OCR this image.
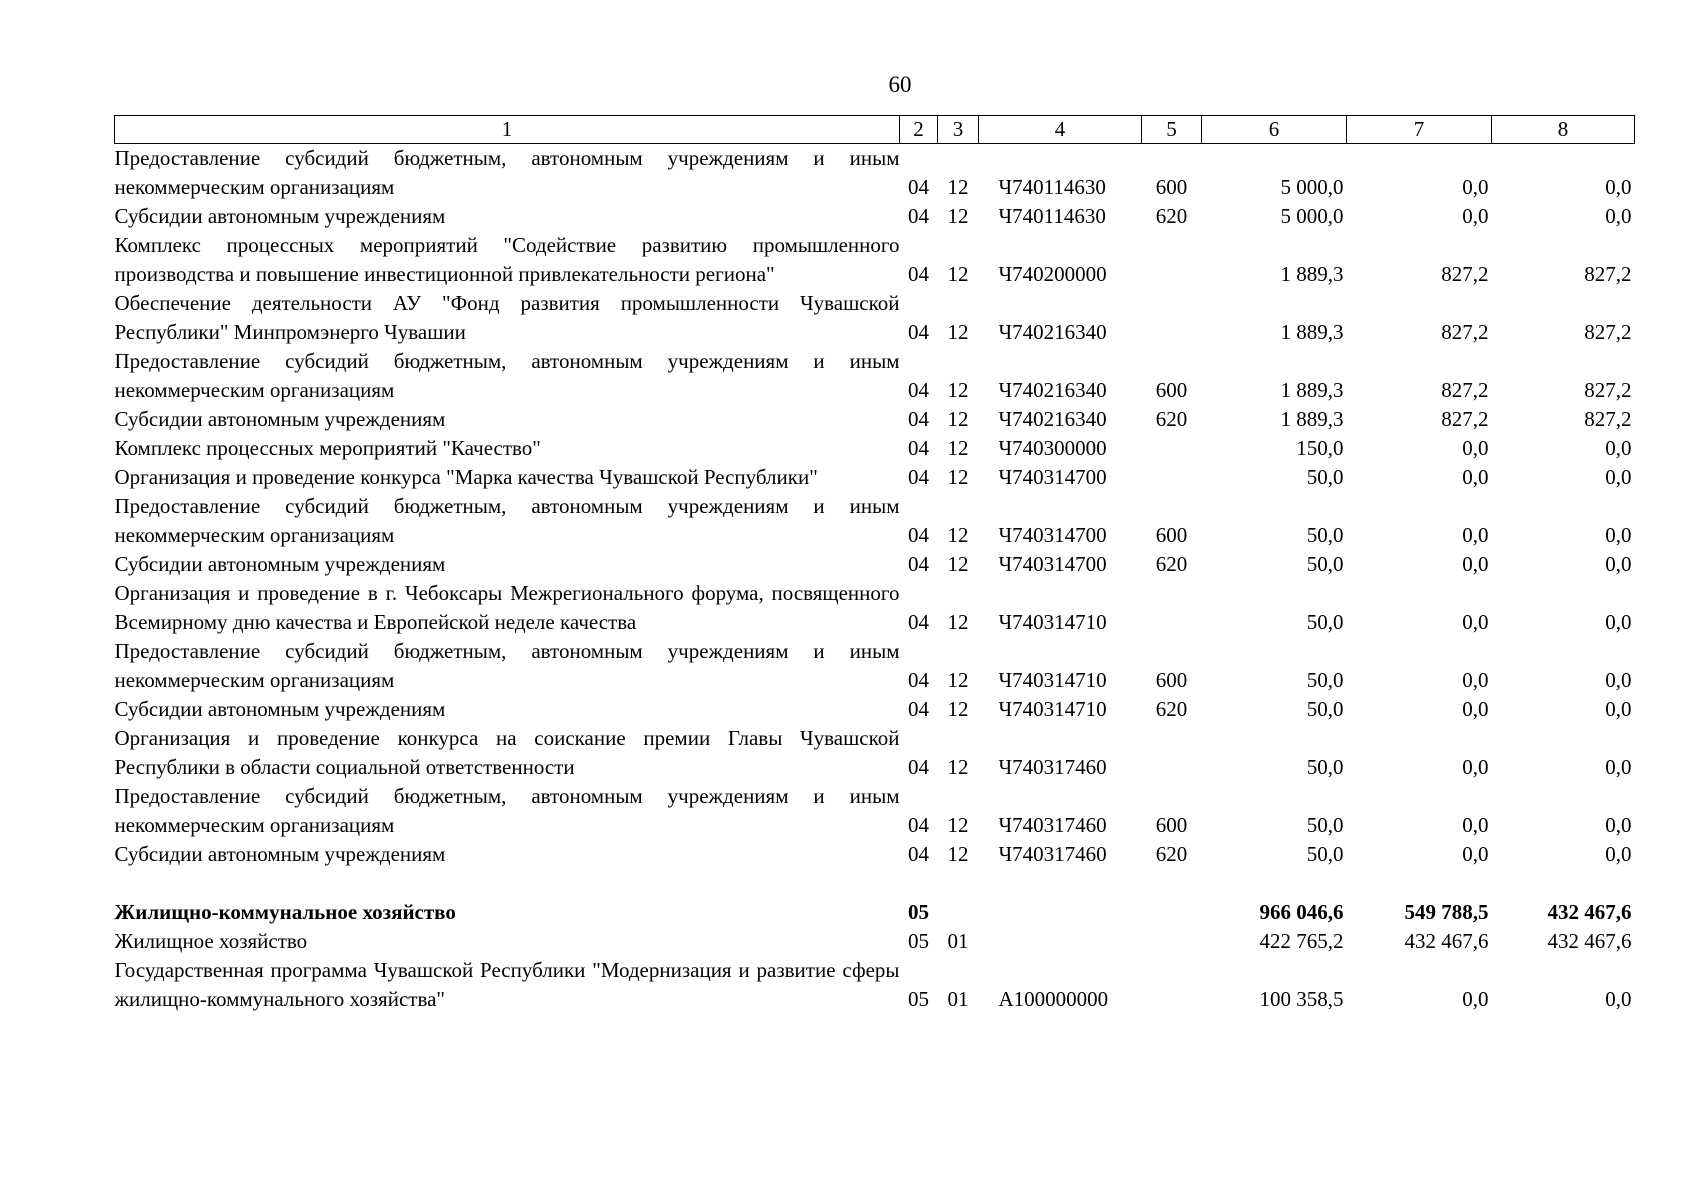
60
1	2	3	4	5	6	7	8
Предоставление субсидий бюджетным, автономным учреждениям и иным некоммерческим организациям	04	12	Ч740114630	600	5 000,0	0,0	0,0
Субсидии автономным учреждениям	04	12	Ч740114630	620	5 000,0	0,0	0,0
Комплекс процессных мероприятий "Содействие развитию промышленного производства и повышение инвестиционной привлекательности региона"	04	12	Ч740200000		1 889,3	827,2	827,2
Обеспечение деятельности АУ "Фонд развития промышленности Чувашской Республики" Минпромэнерго Чувашии	04	12	Ч740216340		1 889,3	827,2	827,2
Предоставление субсидий бюджетным, автономным учреждениям и иным некоммерческим организациям	04	12	Ч740216340	600	1 889,3	827,2	827,2
Субсидии автономным учреждениям	04	12	Ч740216340	620	1 889,3	827,2	827,2
Комплекс процессных мероприятий "Качество"	04	12	Ч740300000		150,0	0,0	0,0
Организация и проведение конкурса "Марка качества Чувашской Республики"	04	12	Ч740314700		50,0	0,0	0,0
Предоставление субсидий бюджетным, автономным учреждениям и иным некоммерческим организациям	04	12	Ч740314700	600	50,0	0,0	0,0
Субсидии автономным учреждениям	04	12	Ч740314700	620	50,0	0,0	0,0
Организация и проведение в г. Чебоксары Межрегионального форума, посвященного Всемирному дню качества и Европейской неделе качества	04	12	Ч740314710		50,0	0,0	0,0
Предоставление субсидий бюджетным, автономным учреждениям и иным некоммерческим организациям	04	12	Ч740314710	600	50,0	0,0	0,0
Субсидии автономным учреждениям	04	12	Ч740314710	620	50,0	0,0	0,0
Организация и проведение конкурса на соискание премии Главы Чувашской Республики в области социальной ответственности	04	12	Ч740317460		50,0	0,0	0,0
Предоставление субсидий бюджетным, автономным учреждениям и иным некоммерческим организациям	04	12	Ч740317460	600	50,0	0,0	0,0
Субсидии автономным учреждениям	04	12	Ч740317460	620	50,0	0,0	0,0

Жилищно-коммунальное хозяйство	05				966 046,6	549 788,5	432 467,6
Жилищное хозяйство	05	01			422 765,2	432 467,6	432 467,6
Государственная программа Чувашской Республики "Модернизация и развитие сферы жилищно-коммунального хозяйства"	05	01	А100000000		100 358,5	0,0	0,0
